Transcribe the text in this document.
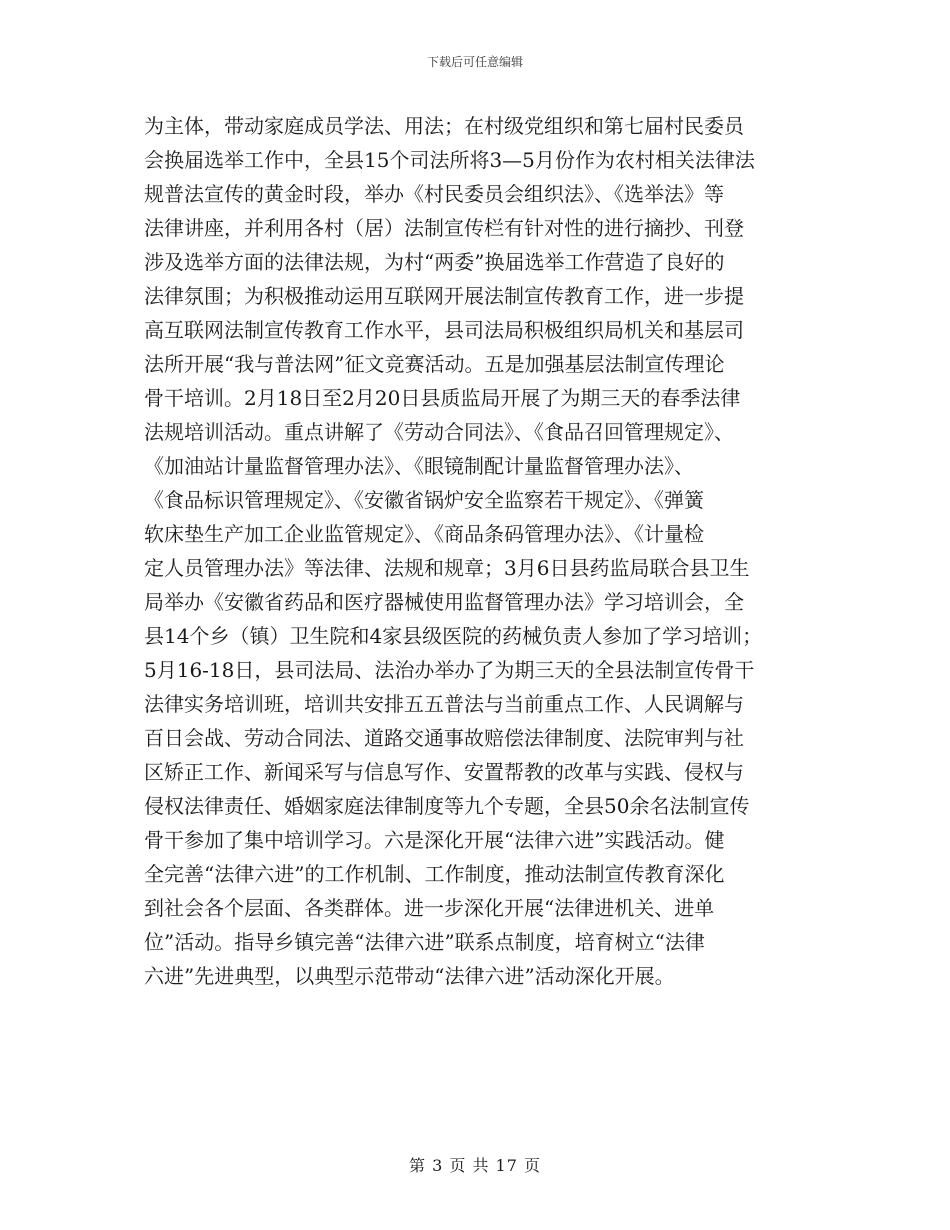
下载后可任意编辑
为主体，带动家庭成员学法、用法；在村级党组织和第七届村民委员
会换届选举工作中，全县15个司法所将3—5月份作为农村相关法律法
规普法宣传的黄金时段，举办《村民委员会组织法》、《选举法》等
法律讲座，并利用各村（居）法制宣传栏有针对性的进行摘抄、刊登
涉及选举方面的法律法规，为村“两委”换届选举工作营造了良好的
法律氛围；为积极推动运用互联网开展法制宣传教育工作，进一步提
高互联网法制宣传教育工作水平，县司法局积极组织局机关和基层司
法所开展“我与普法网”征文竞赛活动。五是加强基层法制宣传理论
骨干培训。2月18日至2月20日县质监局开展了为期三天的春季法律
法规培训活动。重点讲解了《劳动合同法》、《食品召回管理规定》、
《加油站计量监督管理办法》、《眼镜制配计量监督管理办法》、
《食品标识管理规定》、《安徽省锅炉安全监察若干规定》、《弹簧
软床垫生产加工企业监管规定》、《商品条码管理办法》、《计量检
定人员管理办法》等法律、法规和规章；3月6日县药监局联合县卫生
局举办《安徽省药品和医疗器械使用监督管理办法》学习培训会，全
县14个乡（镇）卫生院和4家县级医院的药械负责人参加了学习培训；
5月16-18日，县司法局、法治办举办了为期三天的全县法制宣传骨干
法律实务培训班，培训共安排五五普法与当前重点工作、人民调解与
百日会战、劳动合同法、道路交通事故赔偿法律制度、法院审判与社
区矫正工作、新闻采写与信息写作、安置帮教的改革与实践、侵权与
侵权法律责任、婚姻家庭法律制度等九个专题，全县50余名法制宣传
骨干参加了集中培训学习。六是深化开展“法律六进”实践活动。健
全完善“法律六进”的工作机制、工作制度，推动法制宣传教育深化
到社会各个层面、各类群体。进一步深化开展“法律进机关、进单
位”活动。指导乡镇完善“法律六进”联系点制度，培育树立“法律
六进”先进典型，以典型示范带动“法律六进”活动深化开展。
第 3 页 共 17 页
